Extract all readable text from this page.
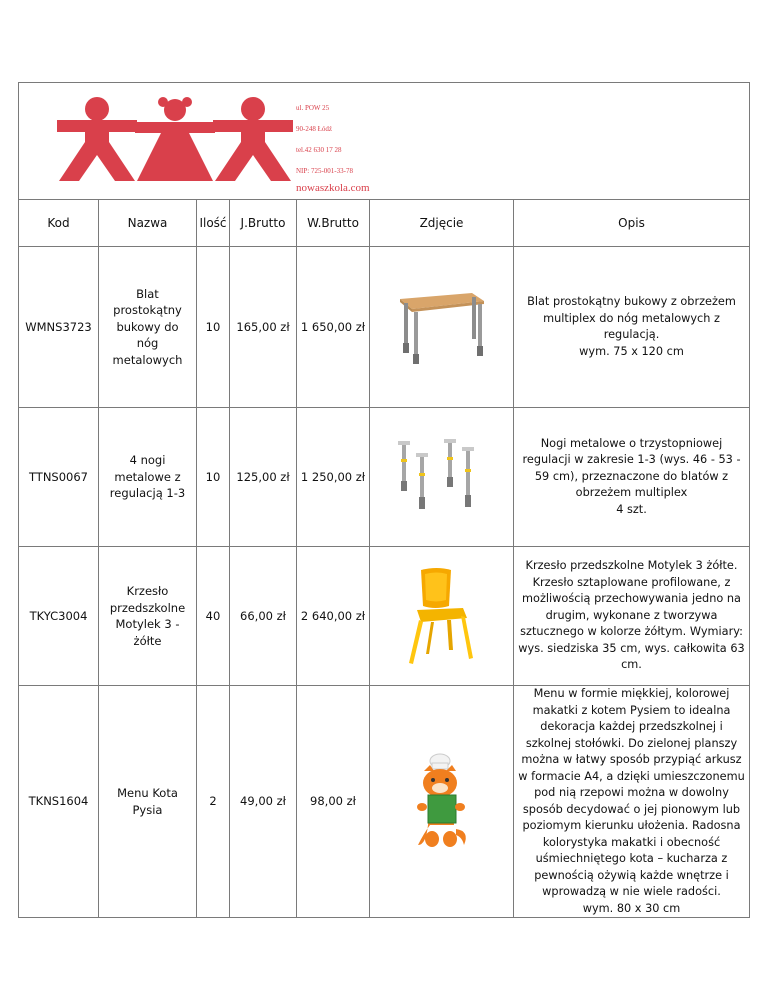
ul. POW 25
90-248 Łódź
tel.42 630 17 28
NIP: 725-001-33-78
nowaszkola.com						

Kod	Nazwa	Ilość	J.Brutto	W.Brutto	Zdjęcie	Opis
WMNS3723	Blat prostokątny bukowy do nóg metalowych	10	165,00 zł	1 650,00 zł		Blat prostokątny bukowy z obrzeżem multiplex do nóg metalowych z regulacją.
wym. 75 x 120 cm

TTNS0067	4 nogi metalowe z regulacją 1-3	10	125,00 zł	1 250,00 zł		Nogi metalowe o trzystopniowej regulacji w zakresie 1-3 (wys. 46 - 53 - 59 cm), przeznaczone do blatów z obrzeżem multiplex
4 szt.

TKYC3004	Krzesło przedszkolne Motylek 3 - żółte	40	66,00 zł	2 640,00 zł		Krzesło przedszkolne Motylek 3 żółte. Krzesło sztaplowane profilowane, z możliwością przechowywania jedno na drugim, wykonane z tworzywa sztucznego w kolorze żółtym. Wymiary: wys. siedziska 35 cm, wys. całkowita 63 cm.

TKNS1604	Menu Kota Pysia	2	49,00 zł	98,00 zł		Menu w formie miękkiej, kolorowej makatki z kotem Pysiem to idealna dekoracja każdej przedszkolnej i szkolnej stołówki. Do zielonej planszy można w łatwy sposób przypiąć arkusz w formacie A4, a dzięki umieszczonemu pod nią rzepowi można w dowolny sposób decydować o jej pionowym lub poziomym kierunku ułożenia. Radosna kolorystyka makatki i obecność uśmiechniętego kota – kucharza z pewnością ożywią każde wnętrze i wprowadzą w nie wiele radości.
wym. 80 x 30 cm
